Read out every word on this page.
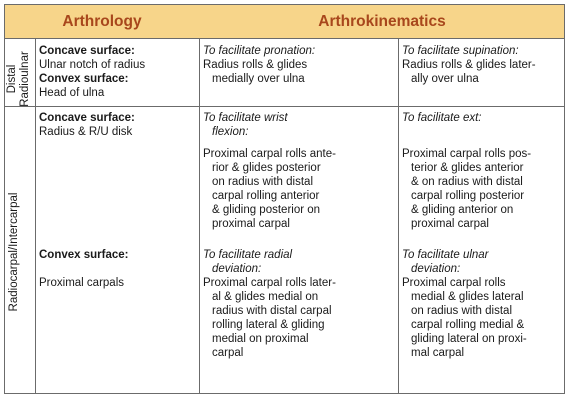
Arthrology	Arthrokinematics
Distal Radioulnar
Radiocarpal/Intercarpal

Concave surface:

Ulnar notch of radius

Convex surface:

Head of ulna

To facilitate pronation:

Radius rolls & glides

medially over ulna

To facilitate supination:

Radius rolls & glides later-

ally over ulna

Concave surface:

Radius & R/U disk

To facilitate wrist

flexion:

Proximal carpal rolls ante-

rior & glides posterior

on radius with distal

carpal rolling anterior

& gliding posterior on

proximal carpal

To facilitate ext:

Proximal carpal rolls pos-

terior & glides anterior

& on radius with distal

carpal rolling posterior

& gliding anterior on

proximal carpal

Convex surface:

Proximal carpals

To facilitate radial

deviation:

Proximal carpal rolls later-

al & glides medial on

radius with distal carpal

rolling lateral & gliding

medial on proximal

carpal

To facilitate ulnar

deviation:

Proximal carpal rolls

medial & glides lateral

on radius with distal

carpal rolling medial &

gliding lateral on proxi-

mal carpal
